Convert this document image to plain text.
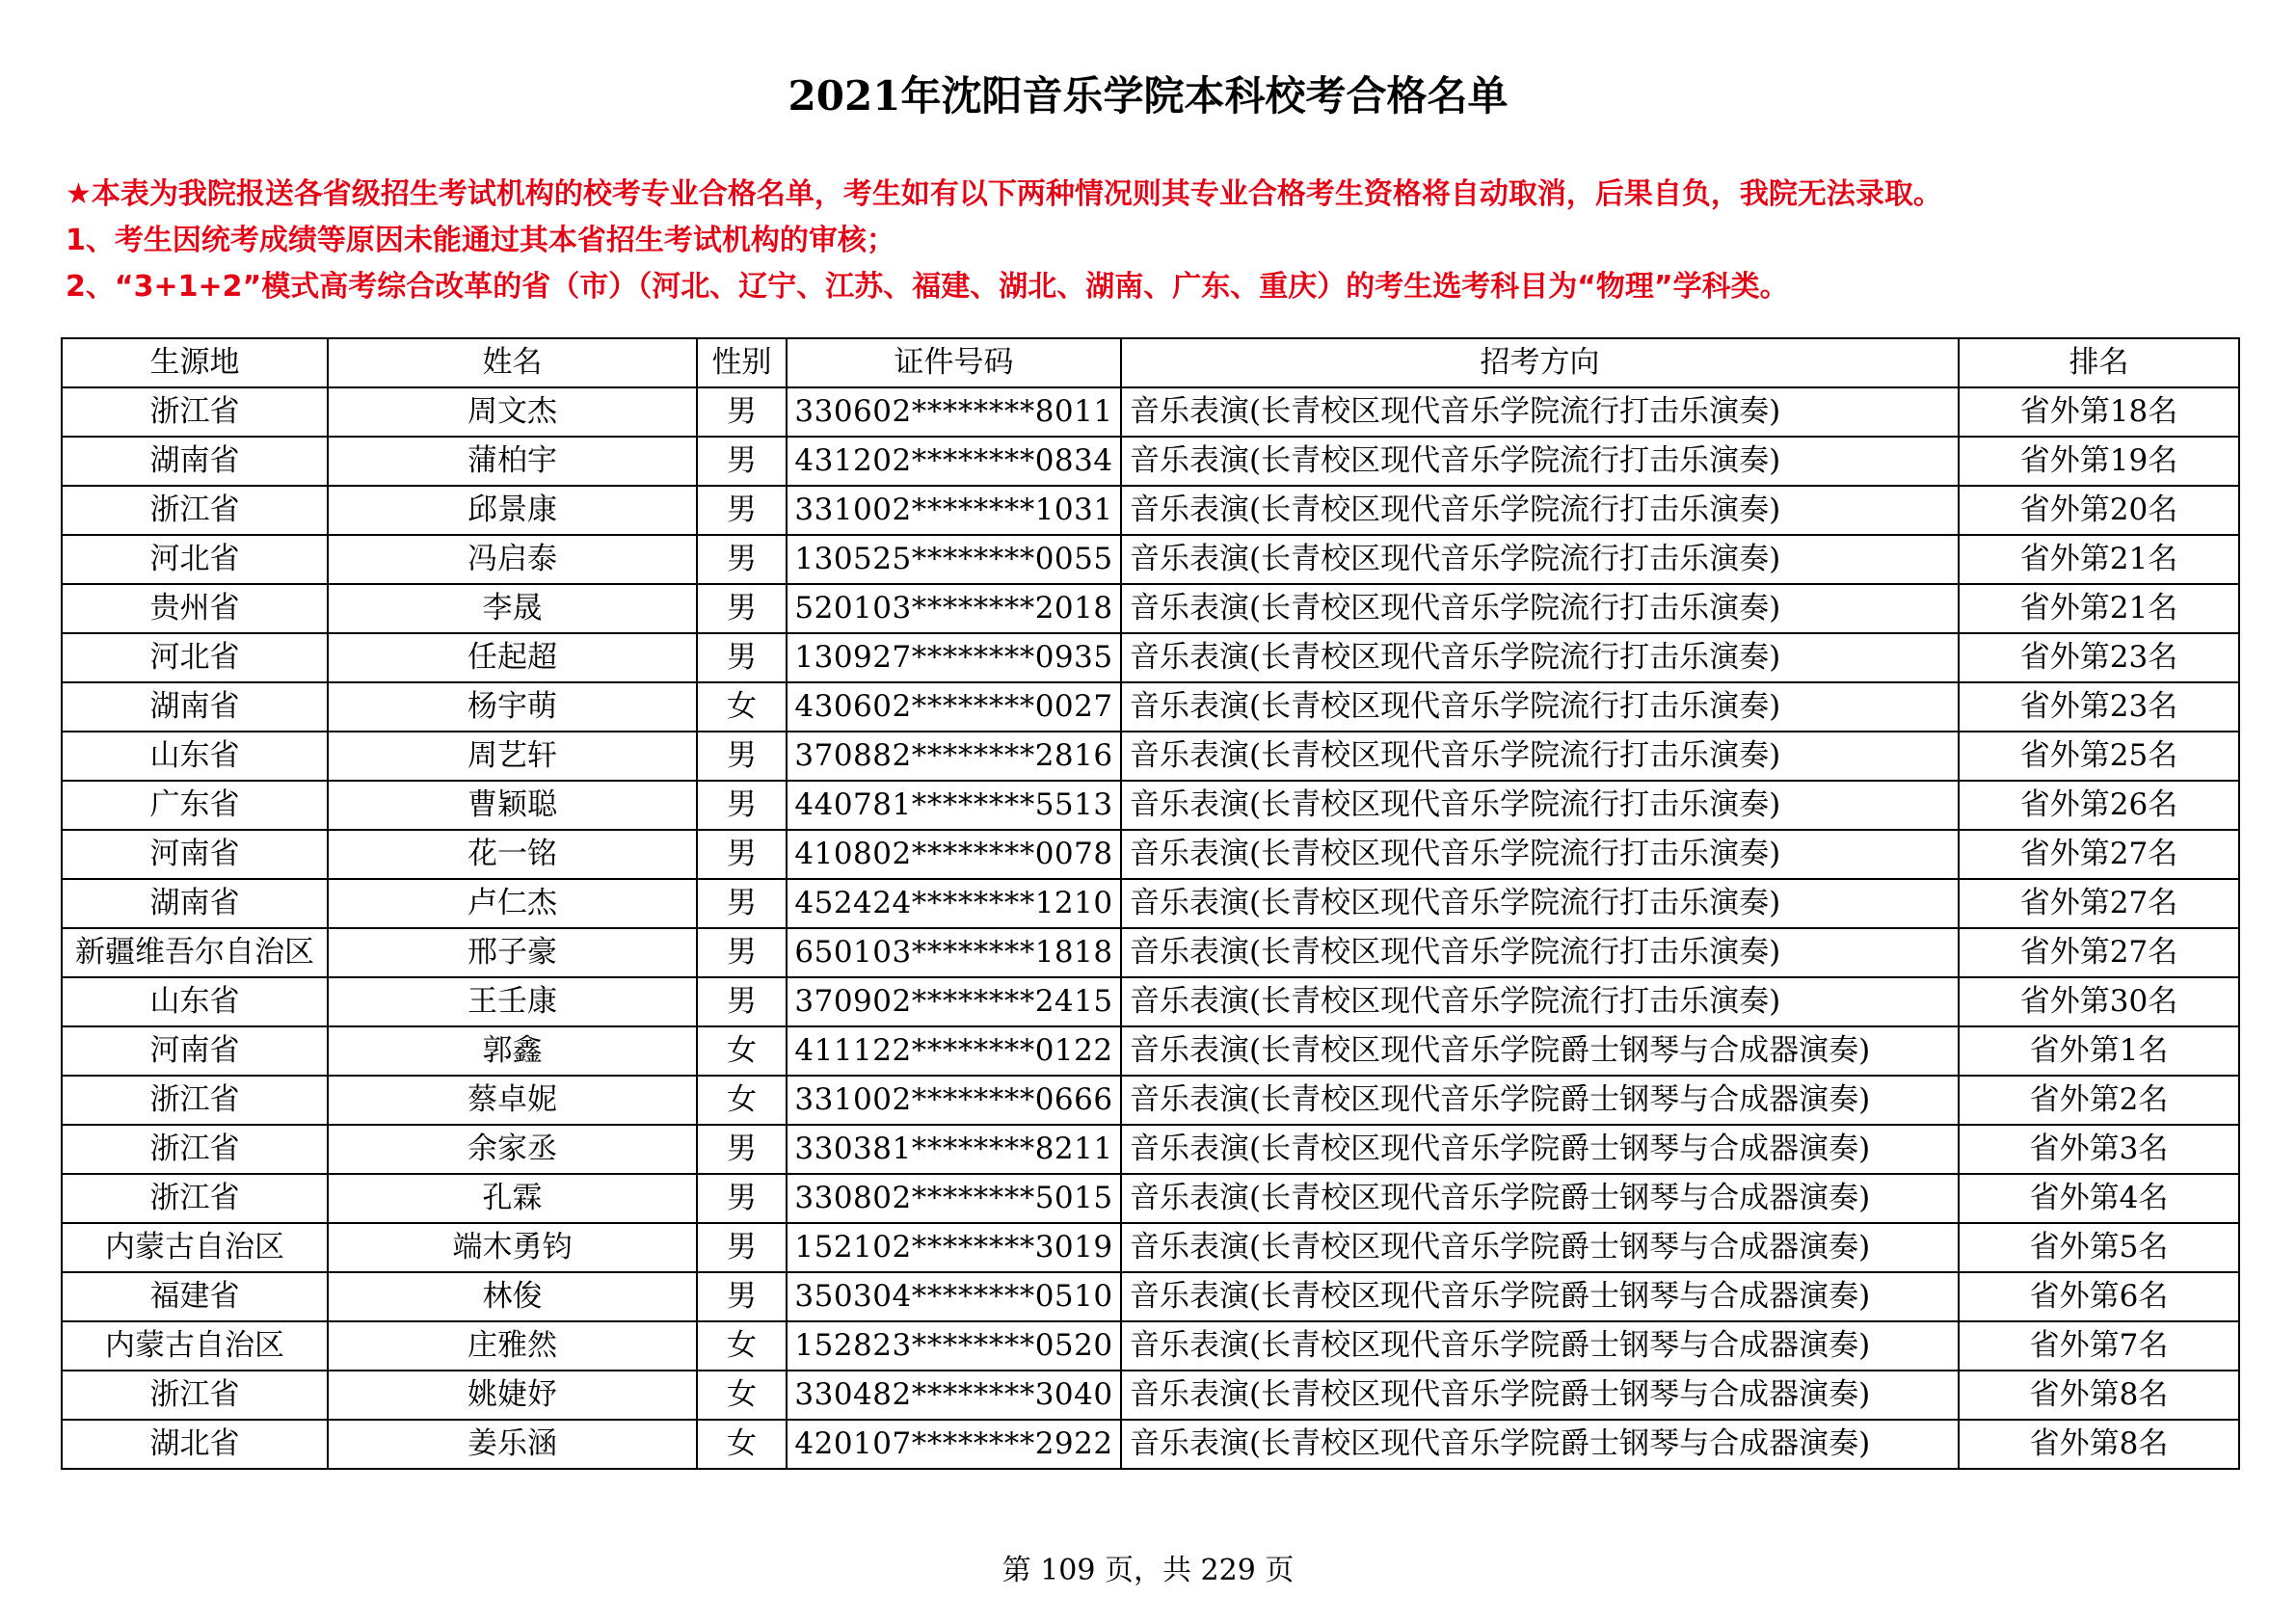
2021年沈阳音乐学院本科校考合格名单
★本表为我院报送各省级招生考试机构的校考专业合格名单，考生如有以下两种情况则其专业合格考生资格将自动取消，后果自负，我院无法录取。
1、考生因统考成绩等原因未能通过其本省招生考试机构的审核；
2、“3+1+2”模式高考综合改革的省（市）（河北、辽宁、江苏、福建、湖北、湖南、广东、重庆）的考生选考科目为“物理”学科类。
生源地	姓名	性别	证件号码	招考方向	排名
浙江省	周文杰	男	330602********8011	音乐表演(长青校区现代音乐学院流行打击乐演奏)	省外第18名
湖南省	蒲柏宇	男	431202********0834	音乐表演(长青校区现代音乐学院流行打击乐演奏)	省外第19名
浙江省	邱景康	男	331002********1031	音乐表演(长青校区现代音乐学院流行打击乐演奏)	省外第20名
河北省	冯启泰	男	130525********0055	音乐表演(长青校区现代音乐学院流行打击乐演奏)	省外第21名
贵州省	李晟	男	520103********2018	音乐表演(长青校区现代音乐学院流行打击乐演奏)	省外第21名
河北省	任起超	男	130927********0935	音乐表演(长青校区现代音乐学院流行打击乐演奏)	省外第23名
湖南省	杨宇萌	女	430602********0027	音乐表演(长青校区现代音乐学院流行打击乐演奏)	省外第23名
山东省	周艺轩	男	370882********2816	音乐表演(长青校区现代音乐学院流行打击乐演奏)	省外第25名
广东省	曹颖聪	男	440781********5513	音乐表演(长青校区现代音乐学院流行打击乐演奏)	省外第26名
河南省	花一铭	男	410802********0078	音乐表演(长青校区现代音乐学院流行打击乐演奏)	省外第27名
湖南省	卢仁杰	男	452424********1210	音乐表演(长青校区现代音乐学院流行打击乐演奏)	省外第27名
新疆维吾尔自治区	邢子豪	男	650103********1818	音乐表演(长青校区现代音乐学院流行打击乐演奏)	省外第27名
山东省	王壬康	男	370902********2415	音乐表演(长青校区现代音乐学院流行打击乐演奏)	省外第30名
河南省	郭鑫	女	411122********0122	音乐表演(长青校区现代音乐学院爵士钢琴与合成器演奏)	省外第1名
浙江省	蔡卓妮	女	331002********0666	音乐表演(长青校区现代音乐学院爵士钢琴与合成器演奏)	省外第2名
浙江省	余家丞	男	330381********8211	音乐表演(长青校区现代音乐学院爵士钢琴与合成器演奏)	省外第3名
浙江省	孔霖	男	330802********5015	音乐表演(长青校区现代音乐学院爵士钢琴与合成器演奏)	省外第4名
内蒙古自治区	端木勇钧	男	152102********3019	音乐表演(长青校区现代音乐学院爵士钢琴与合成器演奏)	省外第5名
福建省	林俊	男	350304********0510	音乐表演(长青校区现代音乐学院爵士钢琴与合成器演奏)	省外第6名
内蒙古自治区	庄雅然	女	152823********0520	音乐表演(长青校区现代音乐学院爵士钢琴与合成器演奏)	省外第7名
浙江省	姚婕妤	女	330482********3040	音乐表演(长青校区现代音乐学院爵士钢琴与合成器演奏)	省外第8名
湖北省	姜乐涵	女	420107********2922	音乐表演(长青校区现代音乐学院爵士钢琴与合成器演奏)	省外第8名
第 109 页，共 229 页
